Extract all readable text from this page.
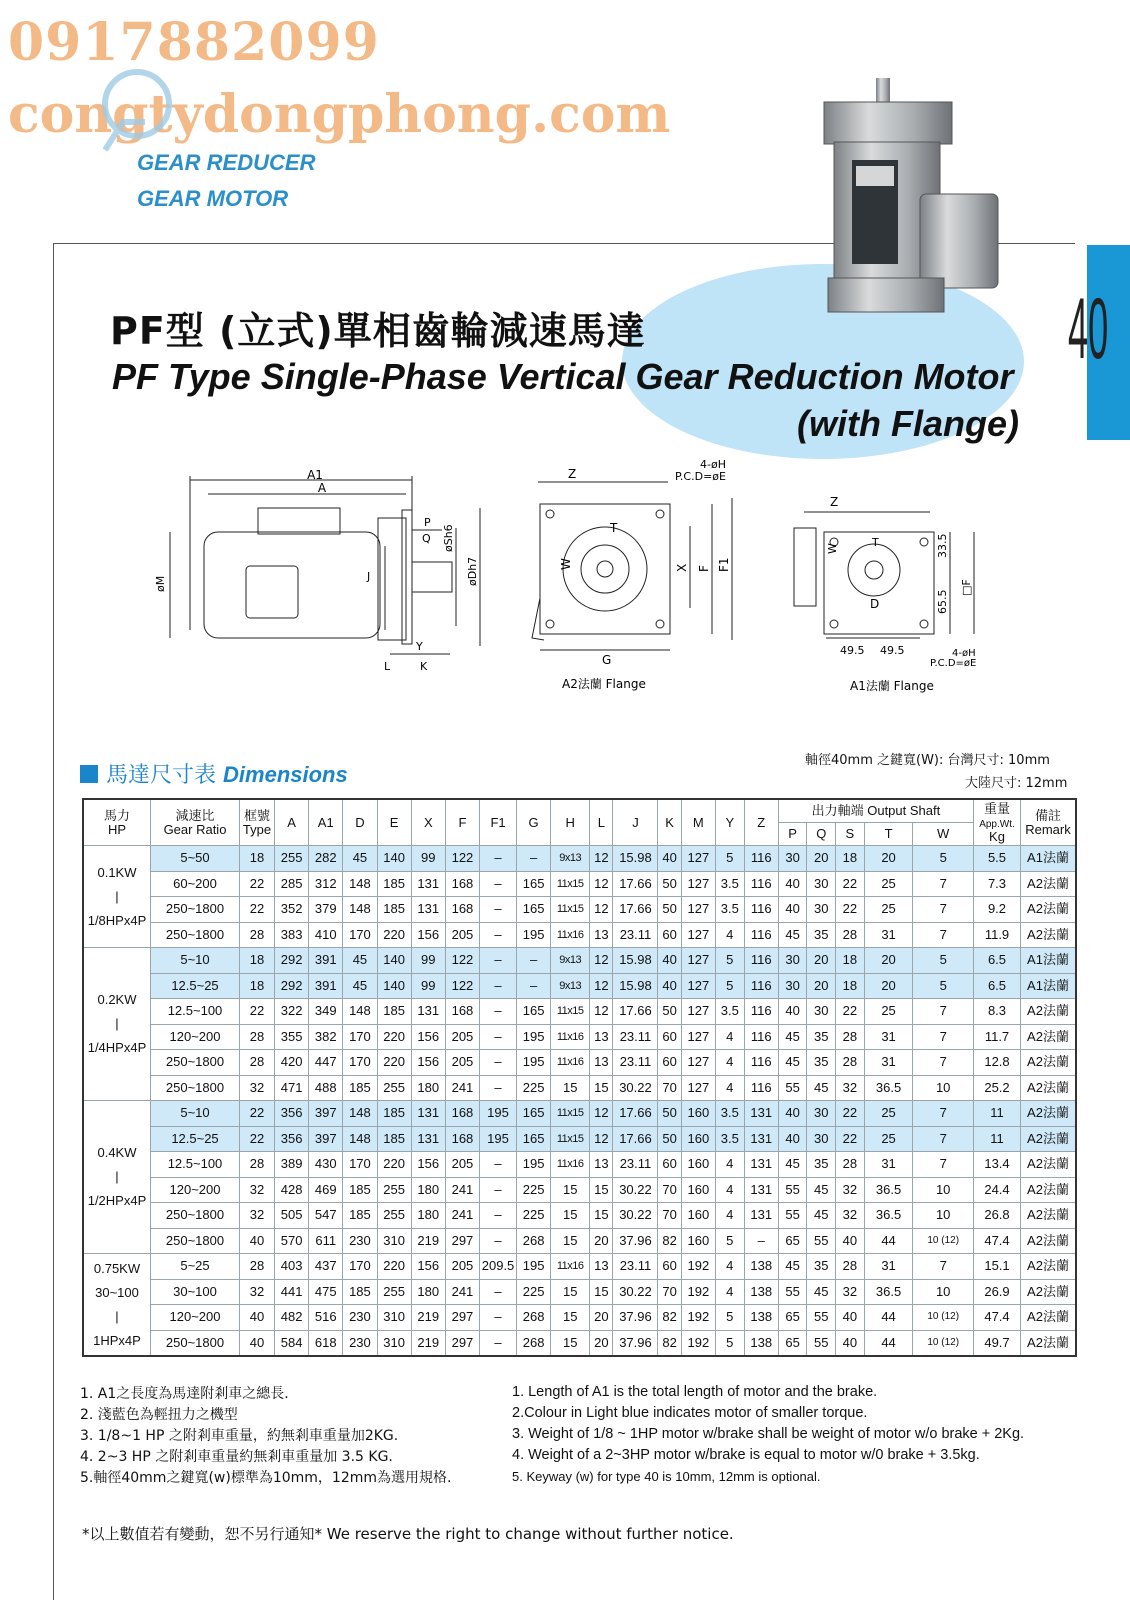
0917882099
congtydongphong.com
GEAR REDUCER
GEAR MOTOR
40
PF型 (立式)單相齒輪減速馬達
PF Type Single-Phase Vertical Gear Reduction Motor
(with Flange)
A1
A
P
Q øSh6
øDh7
øM	J
Y
L	K
Z
4-øH
P.C.D=øE
T
W	X F F1
G
A2法蘭 Flange
Z
W	T
D
33.5
65.5
□F
49.5 49.5	4-øH
P.C.D=øE
A1法蘭 Flange
馬達尺寸表 Dimensions
軸徑40mm 之鍵寬(W): 台灣尺寸: 10mm
大陸尺寸: 12mm
馬力
HP	減速比
Gear Ratio	框號
Type	A	A1	D	E	X	F	F1	G	H	L	J	K	M	Y	Z	出力軸端 Output Shaft					重量
App.Wt.
Kg	備註
Remark
																		P	Q	S	T	W		

0.1KW
|
1/8HPx4P	5~50	18	255	282	45	140	99	122	–	–	9x13	12	15.98	40	127	5	116	30	20	18	20	5	5.5	A1法蘭
	60~200	22	285	312	148	185	131	168	–	165	11x15	12	17.66	50	127	3.5	116	40	30	22	25	7	7.3	A2法蘭
	250~1800	22	352	379	148	185	131	168	–	165	11x15	12	17.66	50	127	3.5	116	40	30	22	25	7	9.2	A2法蘭
	250~1800	28	383	410	170	220	156	205	–	195	11x16	13	23.11	60	127	4	116	45	35	28	31	7	11.9	A2法蘭

0.2KW
|
1/4HPx4P	5~10	18	292	391	45	140	99	122	–	–	9x13	12	15.98	40	127	5	116	30	20	18	20	5	6.5	A1法蘭
	12.5~25	18	292	391	45	140	99	122	–	–	9x13	12	15.98	40	127	5	116	30	20	18	20	5	6.5	A1法蘭
	12.5~100	22	322	349	148	185	131	168	–	165	11x15	12	17.66	50	127	3.5	116	40	30	22	25	7	8.3	A2法蘭
	120~200	28	355	382	170	220	156	205	–	195	11x16	13	23.11	60	127	4	116	45	35	28	31	7	11.7	A2法蘭
	250~1800	28	420	447	170	220	156	205	–	195	11x16	13	23.11	60	127	4	116	45	35	28	31	7	12.8	A2法蘭
	250~1800	32	471	488	185	255	180	241	–	225	15	15	30.22	70	127	4	116	55	45	32	36.5	10	25.2	A2法蘭

0.4KW
|
1/2HPx4P	5~10	22	356	397	148	185	131	168	195	165	11x15	12	17.66	50	160	3.5	131	40	30	22	25	7	11	A2法蘭
	12.5~25	22	356	397	148	185	131	168	195	165	11x15	12	17.66	50	160	3.5	131	40	30	22	25	7	11	A2法蘭
	12.5~100	28	389	430	170	220	156	205	–	195	11x16	13	23.11	60	160	4	131	45	35	28	31	7	13.4	A2法蘭
	120~200	32	428	469	185	255	180	241	–	225	15	15	30.22	70	160	4	131	55	45	32	36.5	10	24.4	A2法蘭
	250~1800	32	505	547	185	255	180	241	–	225	15	15	30.22	70	160	4	131	55	45	32	36.5	10	26.8	A2法蘭
	250~1800	40	570	611	230	310	219	297	–	268	15	20	37.96	82	160	5	–	65	55	40	44	10 (12)	47.4	A2法蘭

0.75KW
30~100
|
1HPx4P	5~25	28	403	437	170	220	156	205	209.5	195	11x16	13	23.11	60	192	4	138	45	35	28	31	7	15.1	A2法蘭
	30~100	32	441	475	185	255	180	241	–	225	15	15	30.22	70	192	4	138	55	45	32	36.5	10	26.9	A2法蘭
	120~200	40	482	516	230	310	219	297	–	268	15	20	37.96	82	192	5	138	65	55	40	44	10 (12)	47.4	A2法蘭
	250~1800	40	584	618	230	310	219	297	–	268	15	20	37.96	82	192	5	138	65	55	40	44	10 (12)	49.7	A2法蘭
1. A1之長度為馬達附剎車之總長.
2. 淺藍色為輕扭力之機型
3. 1/8~1 HP 之附剎車重量，約無剎車重量加2KG.
4. 2~3 HP 之附剎車重量約無剎車重量加 3.5 KG.
5.軸徑40mm之鍵寬(w)標準為10mm，12mm為選用規格.
1. Length of A1 is the total length of motor and the brake.
2.Colour in Light blue indicates motor of smaller torque.
3. Weight of 1/8 ~ 1HP motor w/brake shall be weight of motor w/o brake + 2Kg.
4. Weight of a 2~3HP motor w/brake is equal to motor w/0 brake + 3.5kg.
5. Keyway (w) for type 40 is 10mm, 12mm is optional.
*以上數值若有變動，恕不另行通知* We reserve the right to change without further notice.
